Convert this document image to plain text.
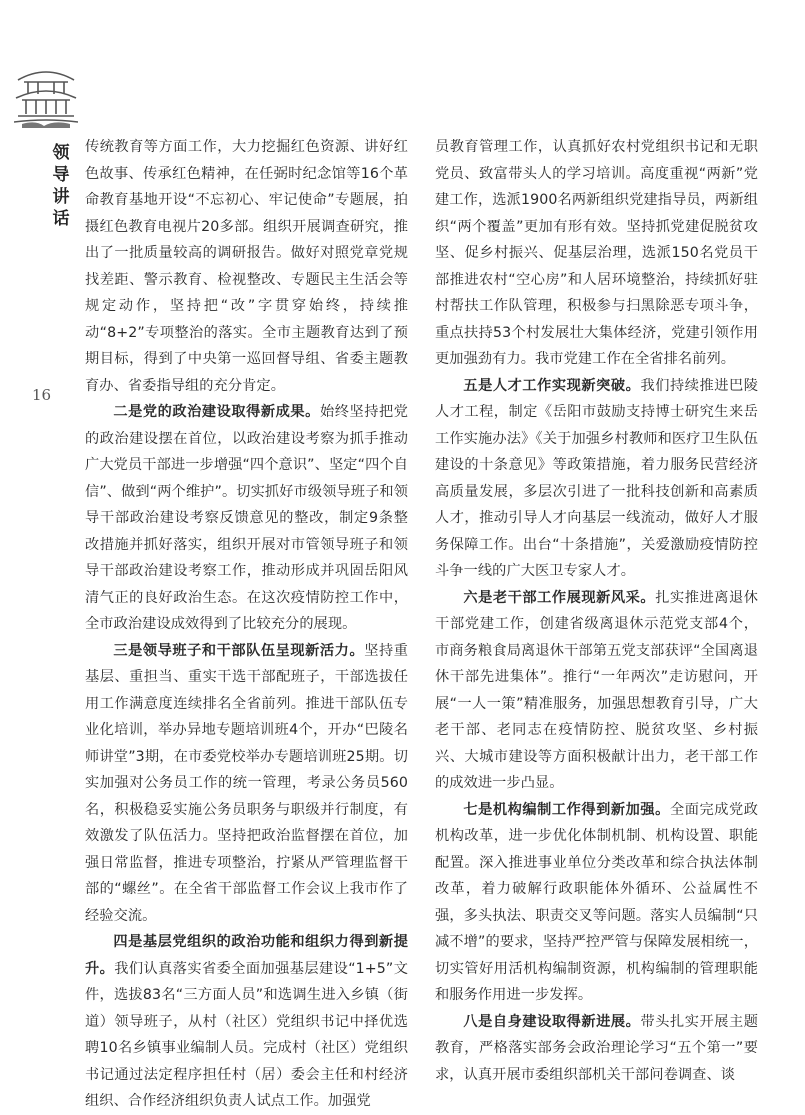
领导讲话
16

传统教育等方面工作，大力挖掘红色资源、讲好红色故事、传承红色精神，在任弼时纪念馆等16个革命教育基地开设“不忘初心、牢记使命”专题展，拍摄红色教育电视片20多部。组织开展调查研究，推出了一批质量较高的调研报告。做好对照党章党规找差距、警示教育、检视整改、专题民主生活会等规定动作，坚持把“改”字贯穿始终，持续推动“8+2”专项整治的落实。全市主题教育达到了预期目标，得到了中央第一巡回督导组、省委主题教育办、省委指导组的充分肯定。

二是党的政治建设取得新成果。始终坚持把党的政治建设摆在首位，以政治建设考察为抓手推动广大党员干部进一步增强“四个意识”、坚定“四个自信”、做到“两个维护”。切实抓好市级领导班子和领导干部政治建设考察反馈意见的整改，制定9条整改措施并抓好落实，组织开展对市管领导班子和领导干部政治建设考察工作，推动形成并巩固岳阳风清气正的良好政治生态。在这次疫情防控工作中，全市政治建设成效得到了比较充分的展现。

三是领导班子和干部队伍呈现新活力。坚持重基层、重担当、重实干选干部配班子，干部选拔任用工作满意度连续排名全省前列。推进干部队伍专业化培训，举办异地专题培训班4个，开办“巴陵名师讲堂”3期，在市委党校举办专题培训班25期。切实加强对公务员工作的统一管理，考录公务员560名，积极稳妥实施公务员职务与职级并行制度，有效激发了队伍活力。坚持把政治监督摆在首位，加强日常监督，推进专项整治，拧紧从严管理监督干部的“螺丝”。在全省干部监督工作会议上我市作了经验交流。

四是基层党组织的政治功能和组织力得到新提升。我们认真落实省委全面加强基层建设“1+5”文件，选拔83名“三方面人员”和选调生进入乡镇（街道）领导班子，从村（社区）党组织书记中择优选聘10名乡镇事业编制人员。完成村（社区）党组织书记通过法定程序担任村（居）委会主任和村经济组织、合作经济组织负责人试点工作。加强党

员教育管理工作，认真抓好农村党组织书记和无职党员、致富带头人的学习培训。高度重视“两新”党建工作，选派1900名两新组织党建指导员，两新组织“两个覆盖”更加有形有效。坚持抓党建促脱贫攻坚、促乡村振兴、促基层治理，选派150名党员干部推进农村“空心房”和人居环境整治，持续抓好驻村帮扶工作队管理，积极参与扫黑除恶专项斗争，重点扶持53个村发展壮大集体经济，党建引领作用更加强劲有力。我市党建工作在全省排名前列。

五是人才工作实现新突破。我们持续推进巴陵人才工程，制定《岳阳市鼓励支持博士研究生来岳工作实施办法》《关于加强乡村教师和医疗卫生队伍建设的十条意见》等政策措施，着力服务民营经济高质量发展，多层次引进了一批科技创新和高素质人才，推动引导人才向基层一线流动，做好人才服务保障工作。出台“十条措施”，关爱激励疫情防控斗争一线的广大医卫专家人才。

六是老干部工作展现新风采。扎实推进离退休干部党建工作，创建省级离退休示范党支部4个，市商务粮食局离退休干部第五党支部获评“全国离退休干部先进集体”。推行“一年两次”走访慰问，开展“一人一策”精准服务，加强思想教育引导，广大老干部、老同志在疫情防控、脱贫攻坚、乡村振兴、大城市建设等方面积极献计出力，老干部工作的成效进一步凸显。

七是机构编制工作得到新加强。全面完成党政机构改革，进一步优化体制机制、机构设置、职能配置。深入推进事业单位分类改革和综合执法体制改革，着力破解行政职能体外循环、公益属性不强，多头执法、职责交叉等问题。落实人员编制“只减不增”的要求，坚持严控严管与保障发展相统一，切实管好用活机构编制资源，机构编制的管理职能和服务作用进一步发挥。

八是自身建设取得新进展。带头扎实开展主题教育，严格落实部务会政治理论学习“五个第一”要求，认真开展市委组织部机关干部问卷调查、谈
